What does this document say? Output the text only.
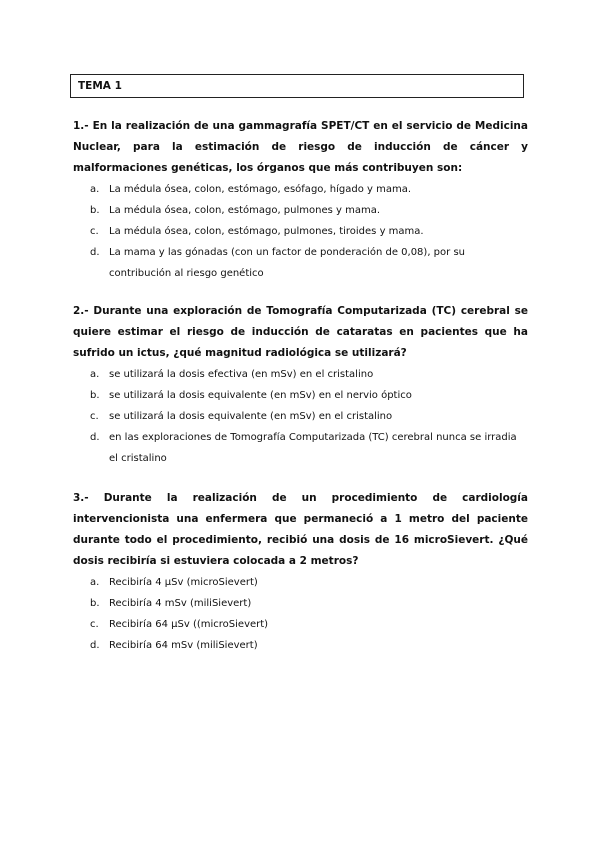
TEMA 1

1.- En la realización de una gammagrafía SPET/CT en el servicio de Medicina Nuclear, para la estimación de riesgo de inducción de cáncer y malformaciones genéticas, los órganos que más contribuyen son:

a. La médula ósea, colon, estómago, esófago, hígado y mama.
b. La médula ósea, colon, estómago, pulmones y mama.
c. La médula ósea, colon, estómago, pulmones, tiroides y mama.
d. La mama y las gónadas (con un factor de ponderación de 0,08), por su contribución al riesgo genético

2.- Durante una exploración de Tomografía Computarizada (TC) cerebral se quiere estimar el riesgo de inducción de cataratas en pacientes que ha sufrido un ictus, ¿qué magnitud radiológica se utilizará?

a. se utilizará la dosis efectiva (en mSv) en el cristalino
b. se utilizará la dosis equivalente (en mSv) en el nervio óptico
c. se utilizará la dosis equivalente (en mSv) en el cristalino
d. en las exploraciones de Tomografía Computarizada (TC) cerebral nunca se irradia el cristalino

3.- Durante la realización de un procedimiento de cardiología intervencionista una enfermera que permaneció a 1 metro del paciente durante todo el procedimiento, recibió una dosis de 16 microSievert. ¿Qué dosis recibiría si estuviera colocada a 2 metros?

a. Recibiría 4 µSv (microSievert)
b. Recibiría 4 mSv (miliSievert)
c. Recibiría 64 µSv ((microSievert)
d. Recibiría 64 mSv (miliSievert)
